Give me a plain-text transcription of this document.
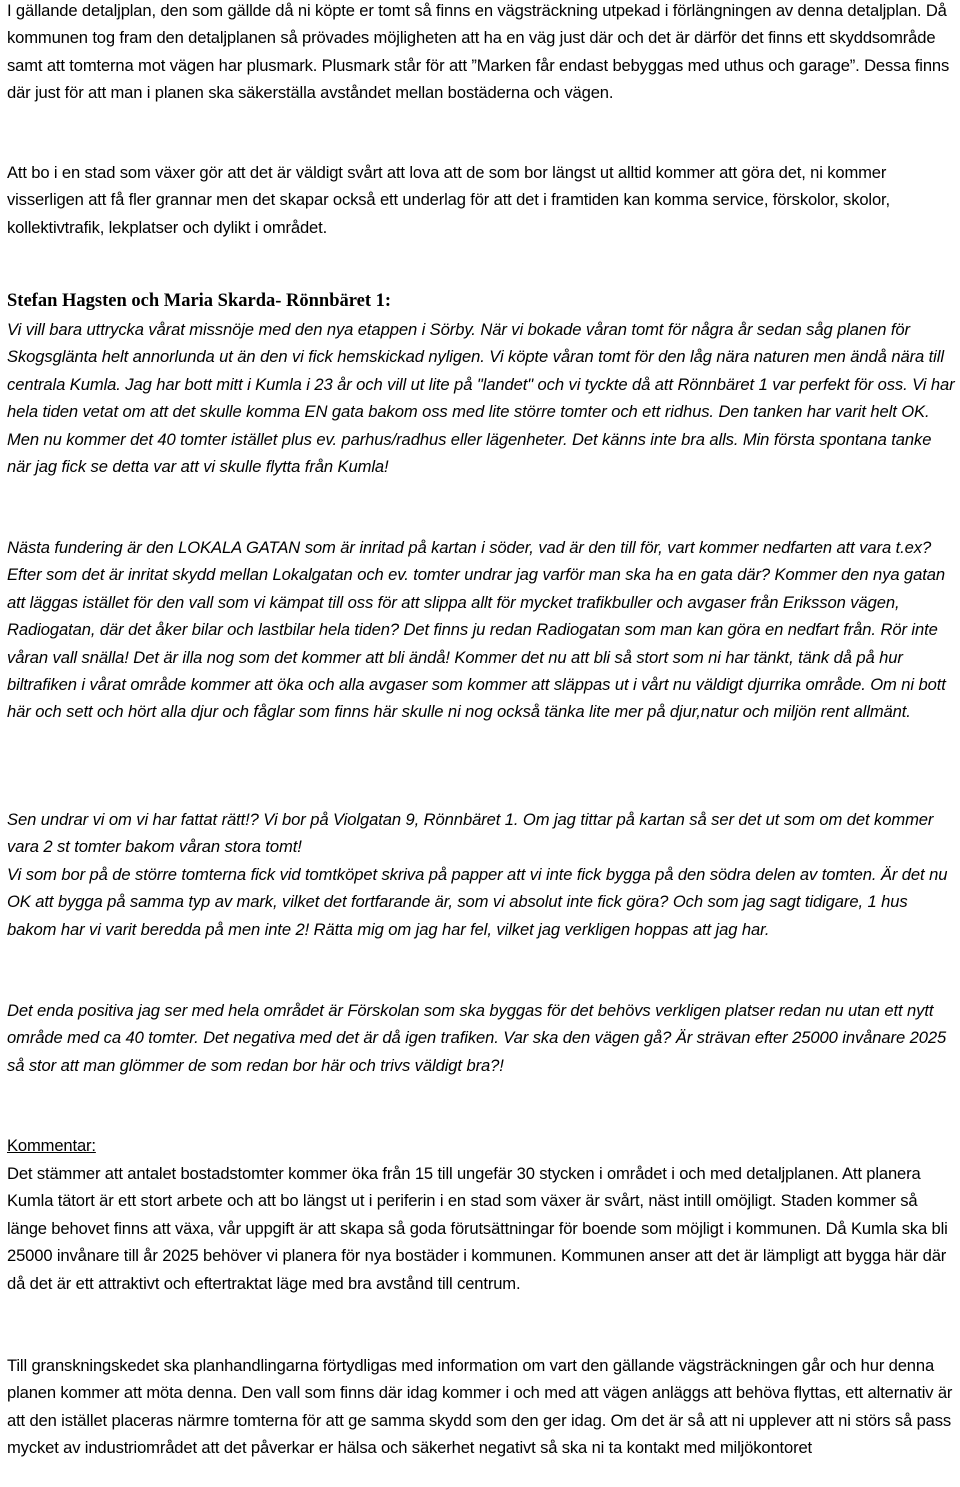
I gällande detaljplan, den som gällde då ni köpte er tomt så finns en vägsträckning utpekad i förlängningen av denna detaljplan. Då kommunen tog fram den detaljplanen så prövades möjligheten att ha en väg just där och det är därför det finns ett skyddsområde samt att tomterna mot vägen har plusmark. Plusmark står för att ”Marken får endast bebyggas med uthus och garage”. Dessa finns där just för att man i planen ska säkerställa avståndet mellan bostäderna och vägen.

Att bo i en stad som växer gör att det är väldigt svårt att lova att de som bor längst ut alltid kommer att göra det, ni kommer visserligen att få fler grannar men det skapar också ett underlag för att det i framtiden kan komma service, förskolor, skolor, kollektivtrafik, lekplatser och dylikt i området.

Stefan Hagsten och Maria Skarda- Rönnbäret 1:

Vi vill bara uttrycka vårat missnöje med den nya etappen i Sörby. När vi bokade våran tomt för några år sedan såg planen för Skogsglänta helt annorlunda ut än den vi fick hemskickad nyligen. Vi köpte våran tomt för den låg nära naturen men ändå nära till centrala Kumla. Jag har bott mitt i Kumla i 23 år och vill ut lite på "landet" och vi tyckte då att Rönnbäret 1 var perfekt för oss. Vi har hela tiden vetat om att det skulle komma EN gata bakom oss med lite större tomter och ett ridhus. Den tanken har varit helt OK. Men nu kommer det 40 tomter istället plus ev. parhus/radhus eller lägenheter. Det känns inte bra alls. Min första spontana tanke när jag fick se detta var att vi skulle flytta från Kumla!

Nästa fundering är den LOKALA GATAN som är inritad på kartan i söder, vad är den till för, vart kommer nedfarten att vara t.ex? Efter som det är inritat skydd mellan Lokalgatan och ev. tomter undrar jag varför man ska ha en gata där? Kommer den nya gatan att läggas istället för den vall som vi kämpat till oss för att slippa allt för mycket trafikbuller och avgaser från Eriksson vägen, Radiogatan, där det åker bilar och lastbilar hela tiden? Det finns ju redan Radiogatan som man kan göra en nedfart från. Rör inte våran vall snälla! Det är illa nog som det kommer att bli ändå! Kommer det nu att bli så stort som ni har tänkt, tänk då på hur biltrafiken i vårat område kommer att öka och alla avgaser som kommer att släppas ut i vårt nu väldigt djurrika område. Om ni bott här och sett och hört alla djur och fåglar som finns här skulle ni nog också tänka lite mer på djur,natur och miljön rent allmänt.

Sen undrar vi om vi har fattat rätt!? Vi bor på Violgatan 9, Rönnbäret 1. Om jag tittar på kartan så ser det ut som om det kommer vara 2 st tomter bakom våran stora tomt!

Vi som bor på de större tomterna fick vid tomtköpet skriva på papper att vi inte fick bygga på den södra delen av tomten. Är det nu OK att bygga på samma typ av mark, vilket det fortfarande är, som vi absolut inte fick göra? Och som jag sagt tidigare, 1 hus bakom har vi varit beredda på men inte 2! Rätta mig om jag har fel, vilket jag verkligen hoppas att jag har.

Det enda positiva jag ser med hela området är Förskolan som ska byggas för det behövs verkligen platser redan nu utan ett nytt område med ca 40 tomter. Det negativa med det är då igen trafiken. Var ska den vägen gå? Är strävan efter 25000 invånare 2025 så stor att man glömmer de som redan bor här och trivs väldigt bra?!

Kommentar:

Det stämmer att antalet bostadstomter kommer öka från 15 till ungefär 30 stycken i området i och med detaljplanen. Att planera Kumla tätort är ett stort arbete och att bo längst ut i periferin i en stad som växer är svårt, näst intill omöjligt. Staden kommer så länge behovet finns att växa, vår uppgift är att skapa så goda förutsättningar för boende som möjligt i kommunen. Då Kumla ska bli 25000 invånare till år 2025 behöver vi planera för nya bostäder i kommunen. Kommunen anser att det är lämpligt att bygga här där då det är ett attraktivt och eftertraktat läge med bra avstånd till centrum.

Till granskningskedet ska planhandlingarna förtydligas med information om vart den gällande vägsträckningen går och hur denna planen kommer att möta denna. Den vall som finns där idag kommer i och med att vägen anläggs att behöva flyttas, ett alternativ är att den istället placeras närmre tomterna för att ge samma skydd som den ger idag. Om det är så att ni upplever att ni störs så pass mycket av industriområdet att det påverkar er hälsa och säkerhet negativt så ska ni ta kontakt med miljökontoret
